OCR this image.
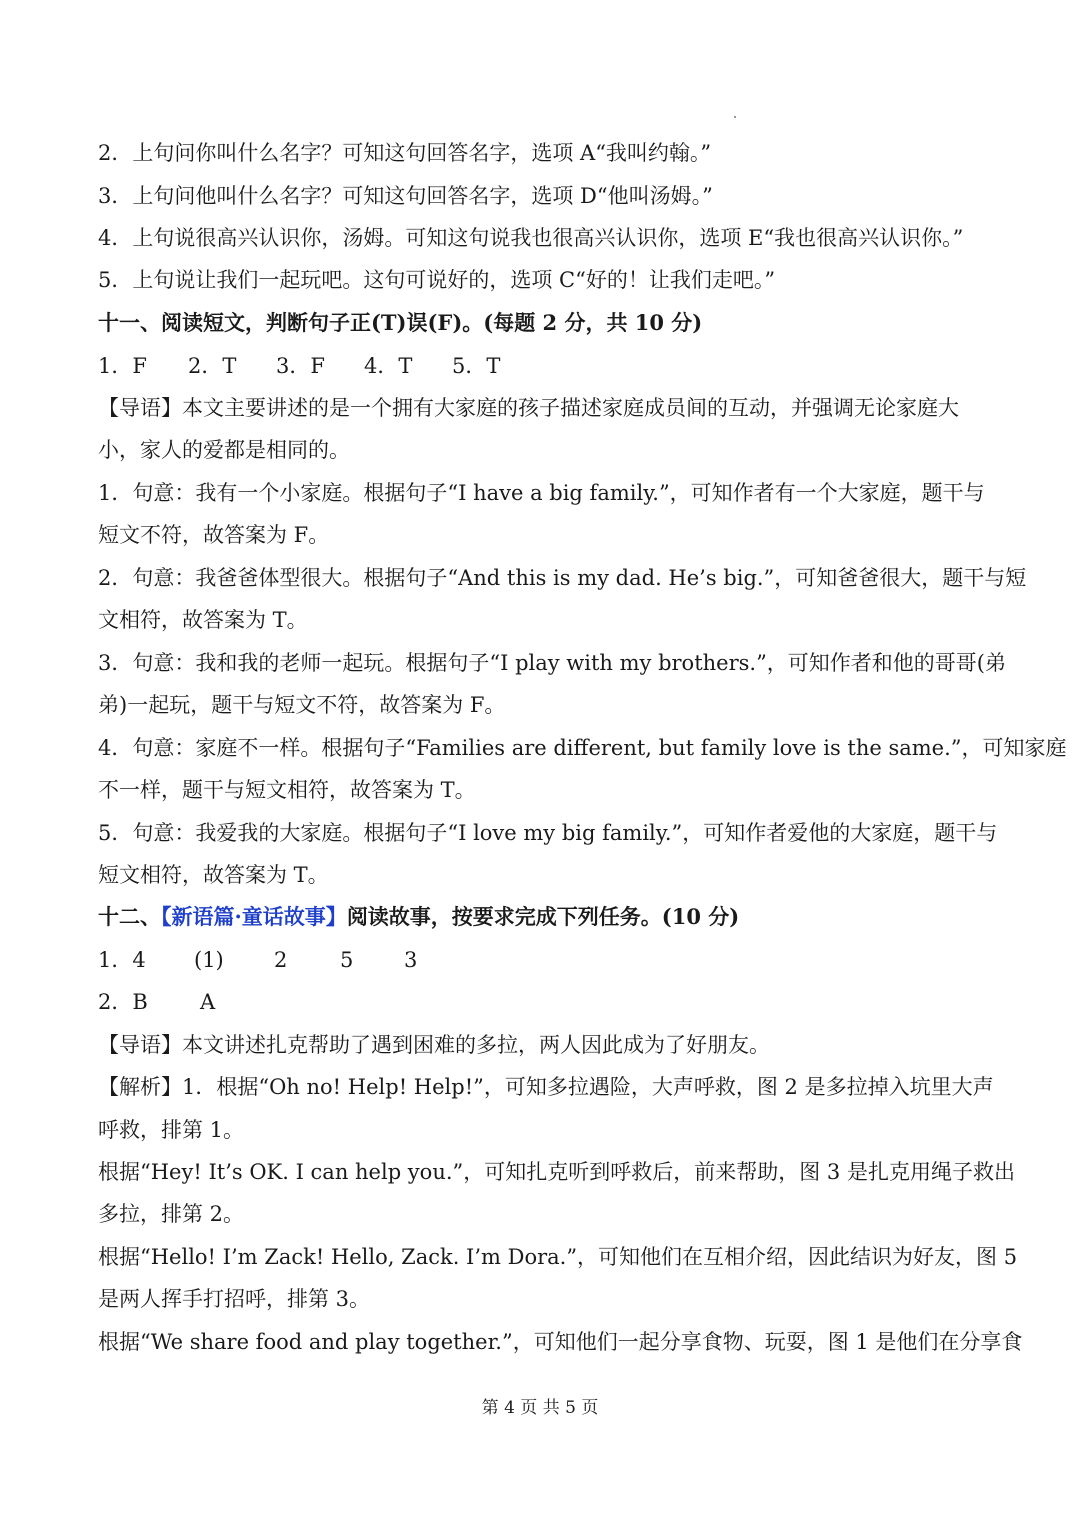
2．上句问你叫什么名字？可知这句回答名字，选项 A“我叫约翰。”
3．上句问他叫什么名字？可知这句回答名字，选项 D“他叫汤姆。”
4．上句说很高兴认识你，汤姆。可知这句说我也很高兴认识你，选项 E“我也很高兴认识你。”
5．上句说让我们一起玩吧。这句可说好的，选项 C“好的！让我们走吧。”
十一、阅读短文，判断句子正(T)误(F)。(每题 2 分，共 10 分)
1．F 2．T 3．F 4．T 5．T
【导语】本文主要讲述的是一个拥有大家庭的孩子描述家庭成员间的互动，并强调无论家庭大
小，家人的爱都是相同的。
1．句意：我有一个小家庭。根据句子“I have a big family.”，可知作者有一个大家庭，题干与
短文不符，故答案为 F。
2．句意：我爸爸体型很大。根据句子“And this is my dad. He’s big.”，可知爸爸很大，题干与短
文相符，故答案为 T。
3．句意：我和我的老师一起玩。根据句子“I play with my brothers.”，可知作者和他的哥哥(弟
弟)一起玩，题干与短文不符，故答案为 F。
4．句意：家庭不一样。根据句子“Families are different, but family love is the same.”，可知家庭
不一样，题干与短文相符，故答案为 T。
5．句意：我爱我的大家庭。根据句子“I love my big family.”，可知作者爱他的大家庭，题干与
短文相符，故答案为 T。
十二、【新语篇·童话故事】阅读故事，按要求完成下列任务。(10 分)
1．4 (1) 2	5 3
2．B A
【导语】本文讲述扎克帮助了遇到困难的多拉，两人因此成为了好朋友。
【解析】1．根据“Oh no! Help! Help!”，可知多拉遇险，大声呼救，图 2 是多拉掉入坑里大声
呼救，排第 1。
根据“Hey! It’s OK. I can help you.”，可知扎克听到呼救后，前来帮助，图 3 是扎克用绳子救出
多拉，排第 2。
根据“Hello! I’m Zack! Hello, Zack. I’m Dora.”，可知他们在互相介绍，因此结识为好友，图 5
是两人挥手打招呼，排第 3。
根据“We share food and play together.”，可知他们一起分享食物、玩耍，图 1 是他们在分享食
第 4 页 共 5 页
